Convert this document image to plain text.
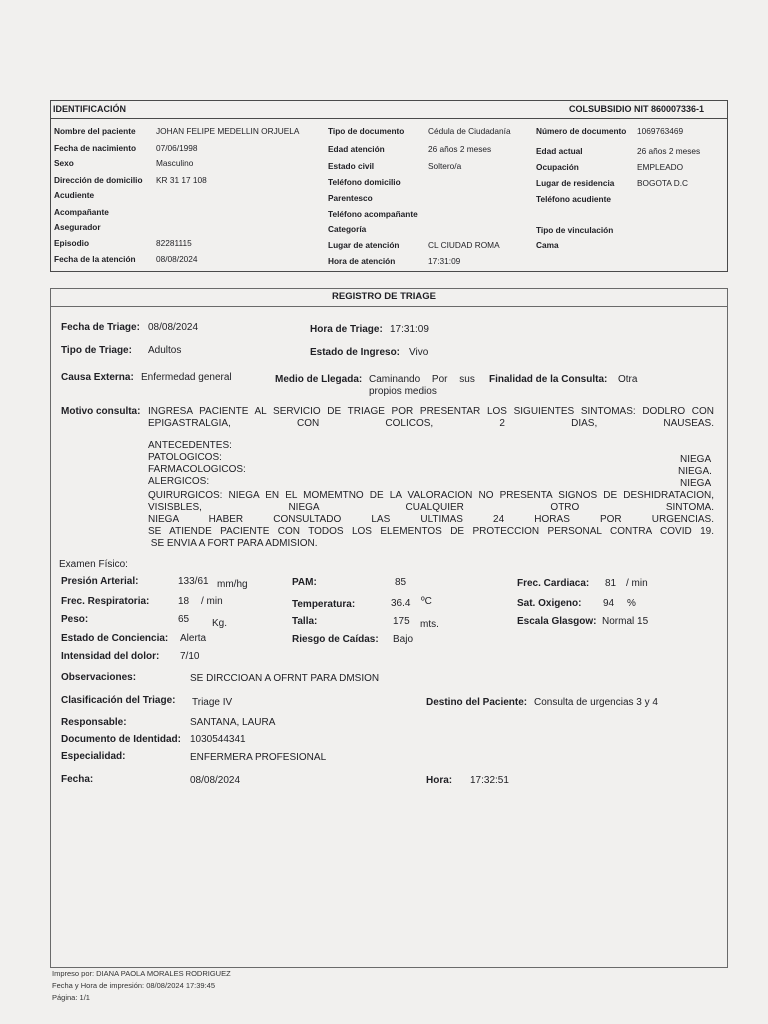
IDENTIFICACIÓN	COLSUBSIDIO NIT 860007336-1
Nombre del paciente JOHAN FELIPE MEDELLIN ORJUELA	Tipo de documento	Cédula de Ciudadanía	Número de documento 1069763469
Fecha de nacimiento 07/06/1998	Edad atención	26 años 2 meses	Edad actual	26 años 2 meses
Sexo	Masculino	Estado civil	Soltero/a	Ocupación	EMPLEADO
Dirección de domicilio KR 31 17 108	Teléfono domicilio	Lugar de residencia	BOGOTA D.C
Acudiente	Parentesco	Teléfono acudiente
Acompañante	Teléfono acompañante
Asegurador	Categoría	Tipo de vinculación
Episodio	82281115	Lugar de atención	CL CIUDAD ROMA	Cama
Fecha de la atención 08/08/2024	Hora de atención	17:31:09
REGISTRO DE TRIAGE
Fecha de Triage: 08/08/2024	Hora de Triage: 17:31:09
Tipo de Triage: Adultos	Estado de Ingreso: Vivo
Causa Externa: Enfermedad general	Medio de Llegada: Caminando Por sus
propios medios
Finalidad de la Consulta: Otra
Motivo consulta: INGRESA PACIENTE AL SERVICIO DE TRIAGE POR PRESENTAR LOS SIGUIENTES SINTOMAS: DODLRO CON
EPIGASTRALGIA, CON COLICOS, 2 DIAS, NAUSEAS.
ANTECEDENTES:
PATOLOGICOS:	NIEGA
FARMACOLOGICOS:	NIEGA.
ALERGICOS:	NIEGA
QUIRURGICOS: NIEGA EN EL MOMEMTNO DE LA VALORACION NO PRESENTA SIGNOS DE DESHIDRATACION,
VISISBLES, NIEGA CUALQUIER OTRO SINTOMA.
NIEGA HABER CONSULTADO LAS ULTIMAS 24 HORAS POR URGENCIAS.
SE ATIENDE PACIENTE CON TODOS LOS ELEMENTOS DE PROTECCION PERSONAL CONTRA COVID 19.
SE ENVIA A FORT PARA ADMISION.
Examen Físico:
Presión Arterial:	133/61 mm/hg	PAM:	85	Frec. Cardiaca: 81 / min
Frec. Respiratoria:	18 / min	Temperatura:	36.4 ºC	Sat. Oxigeno: 94 %
Peso:	65 Kg.	Talla:	175 mts.	Escala Glasgow: Normal 15
Estado de Conciencia: Alerta	Riesgo de Caídas: Bajo
Intensidad del dolor: 7/10
Observaciones:	SE DIRCCIOAN A OFRNT PARA DMSION
Clasificación del Triage: Triage IV	Destino del Paciente: Consulta de urgencias 3 y 4
Responsable:	SANTANA, LAURA
Documento de Identidad: 1030544341
Especialidad:	ENFERMERA PROFESIONAL
Fecha:	08/08/2024	Hora: 17:32:51
Impreso por: DIANA PAOLA MORALES RODRIGUEZ
Fecha y Hora de impresión: 08/08/2024 17:39:45
Página: 1/1
